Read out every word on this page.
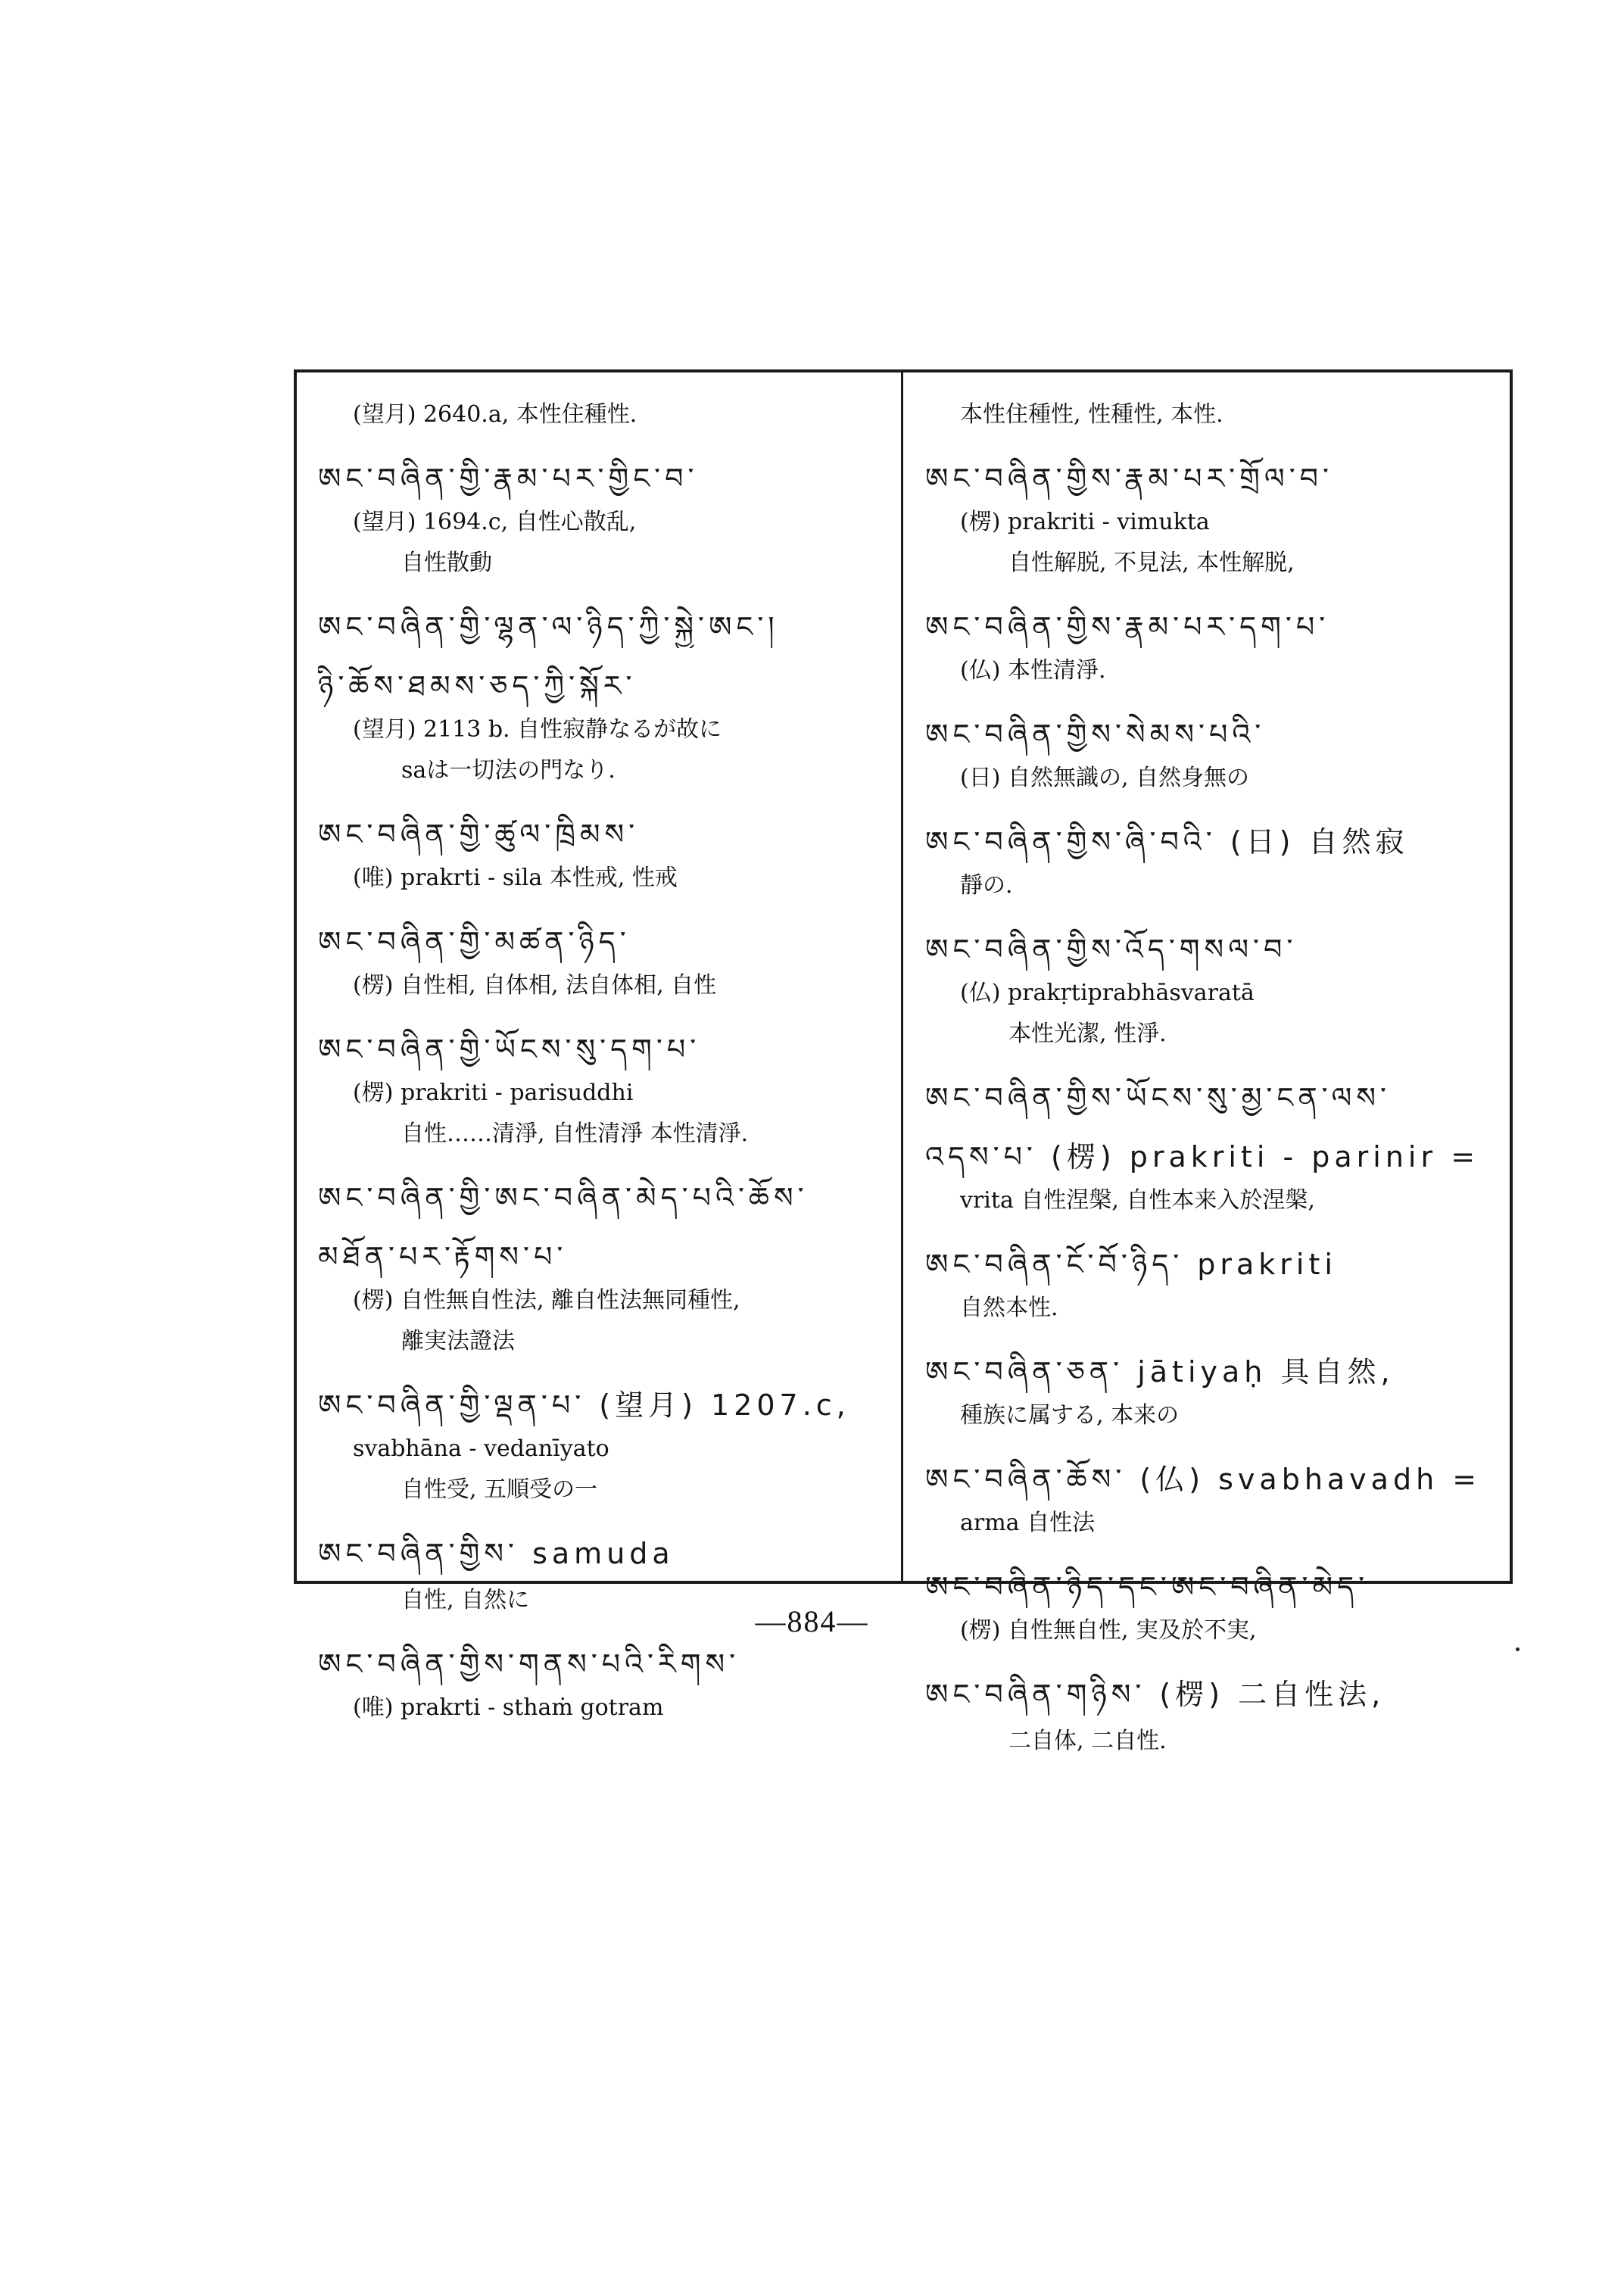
(望月) 2640.a, 本性住種性.
ཨང་བཞིན་གྱི་རྣམ་པར་གྱིང་བ་
(望月) 1694.c, 自性心散乱,
自性散動
ཨང་བཞིན་གྱི་ལྷན་ལ་ཉིད་ཀྱི་སྐྱེ་ཨང་།
ཉི་ཆོས་ཐམས་ཅད་ཀྱི་སྐོར་
(望月) 2113 b. 自性寂静なるが故に
saは一切法の門なり.
ཨང་བཞིན་གྱི་ཚུལ་ཁྲིམས་
(唯) prakrti - sila 本性戒, 性戒
ཨང་བཞིན་གྱི་མཚན་ཉིད་
(楞) 自性相, 自体相, 法自体相, 自性
ཨང་བཞིན་གྱི་ཡོངས་སུ་དག་པ་
(楞) prakriti - parisuddhi
自性……清淨, 自性清淨 本性清淨.
ཨང་བཞིན་གྱི་ཨང་བཞིན་མེད་པའི་ཆོས་
མཐོན་པར་རྟོགས་པ་
(楞) 自性無自性法, 離自性法無同種性,
離実法證法
ཨང་བཞིན་གྱི་ལྡན་པ་ (望月) 1207.c,
svabhāna - vedanīyato
自性受, 五順受の一
ཨང་བཞིན་གྱིས་ samuda
自性, 自然に
ཨང་བཞིན་གྱིས་གནས་པའི་རིགས་
(唯) prakrti - sthaṁ gotram
本性住種性, 性種性, 本性.
ཨང་བཞིན་གྱིས་རྣམ་པར་གྲོལ་བ་
(楞) prakriti - vimukta
自性解脱, 不見法, 本性解脱,
ཨང་བཞིན་གྱིས་རྣམ་པར་དག་པ་
(仏) 本性清淨.
ཨང་བཞིན་གྱིས་སེམས་པའི་
(日) 自然無識の, 自然身無の
ཨང་བཞིན་གྱིས་ཞི་བའི་ (日) 自然寂
靜の.
ཨང་བཞིན་གྱིས་འོད་གསལ་བ་
(仏) prakṛtiprabhāsvaratā
本性光潔, 性淨.
ཨང་བཞིན་གྱིས་ཡོངས་སུ་མྱ་ངན་ལས་
འདས་པ་ (楞) prakriti - parinir =
vrita 自性涅槃, 自性本来入於涅槃,
ཨང་བཞིན་ངོ་བོ་ཉིད་ prakriti
自然本性.
ཨང་བཞིན་ཅན་ jātiyaḥ 具自然,
種族に属する, 本来の
ཨང་བཞིན་ཆོས་ (仏) svabhavadh =
arma 自性法
ཨང་བཞིན་ཉིད་དང་ཨང་བཞིན་མེད་
(楞) 自性無自性, 実及於不実,
ཨང་བཞིན་གཉིས་ (楞) 二自性法,
二自体, 二自性.
—884—
